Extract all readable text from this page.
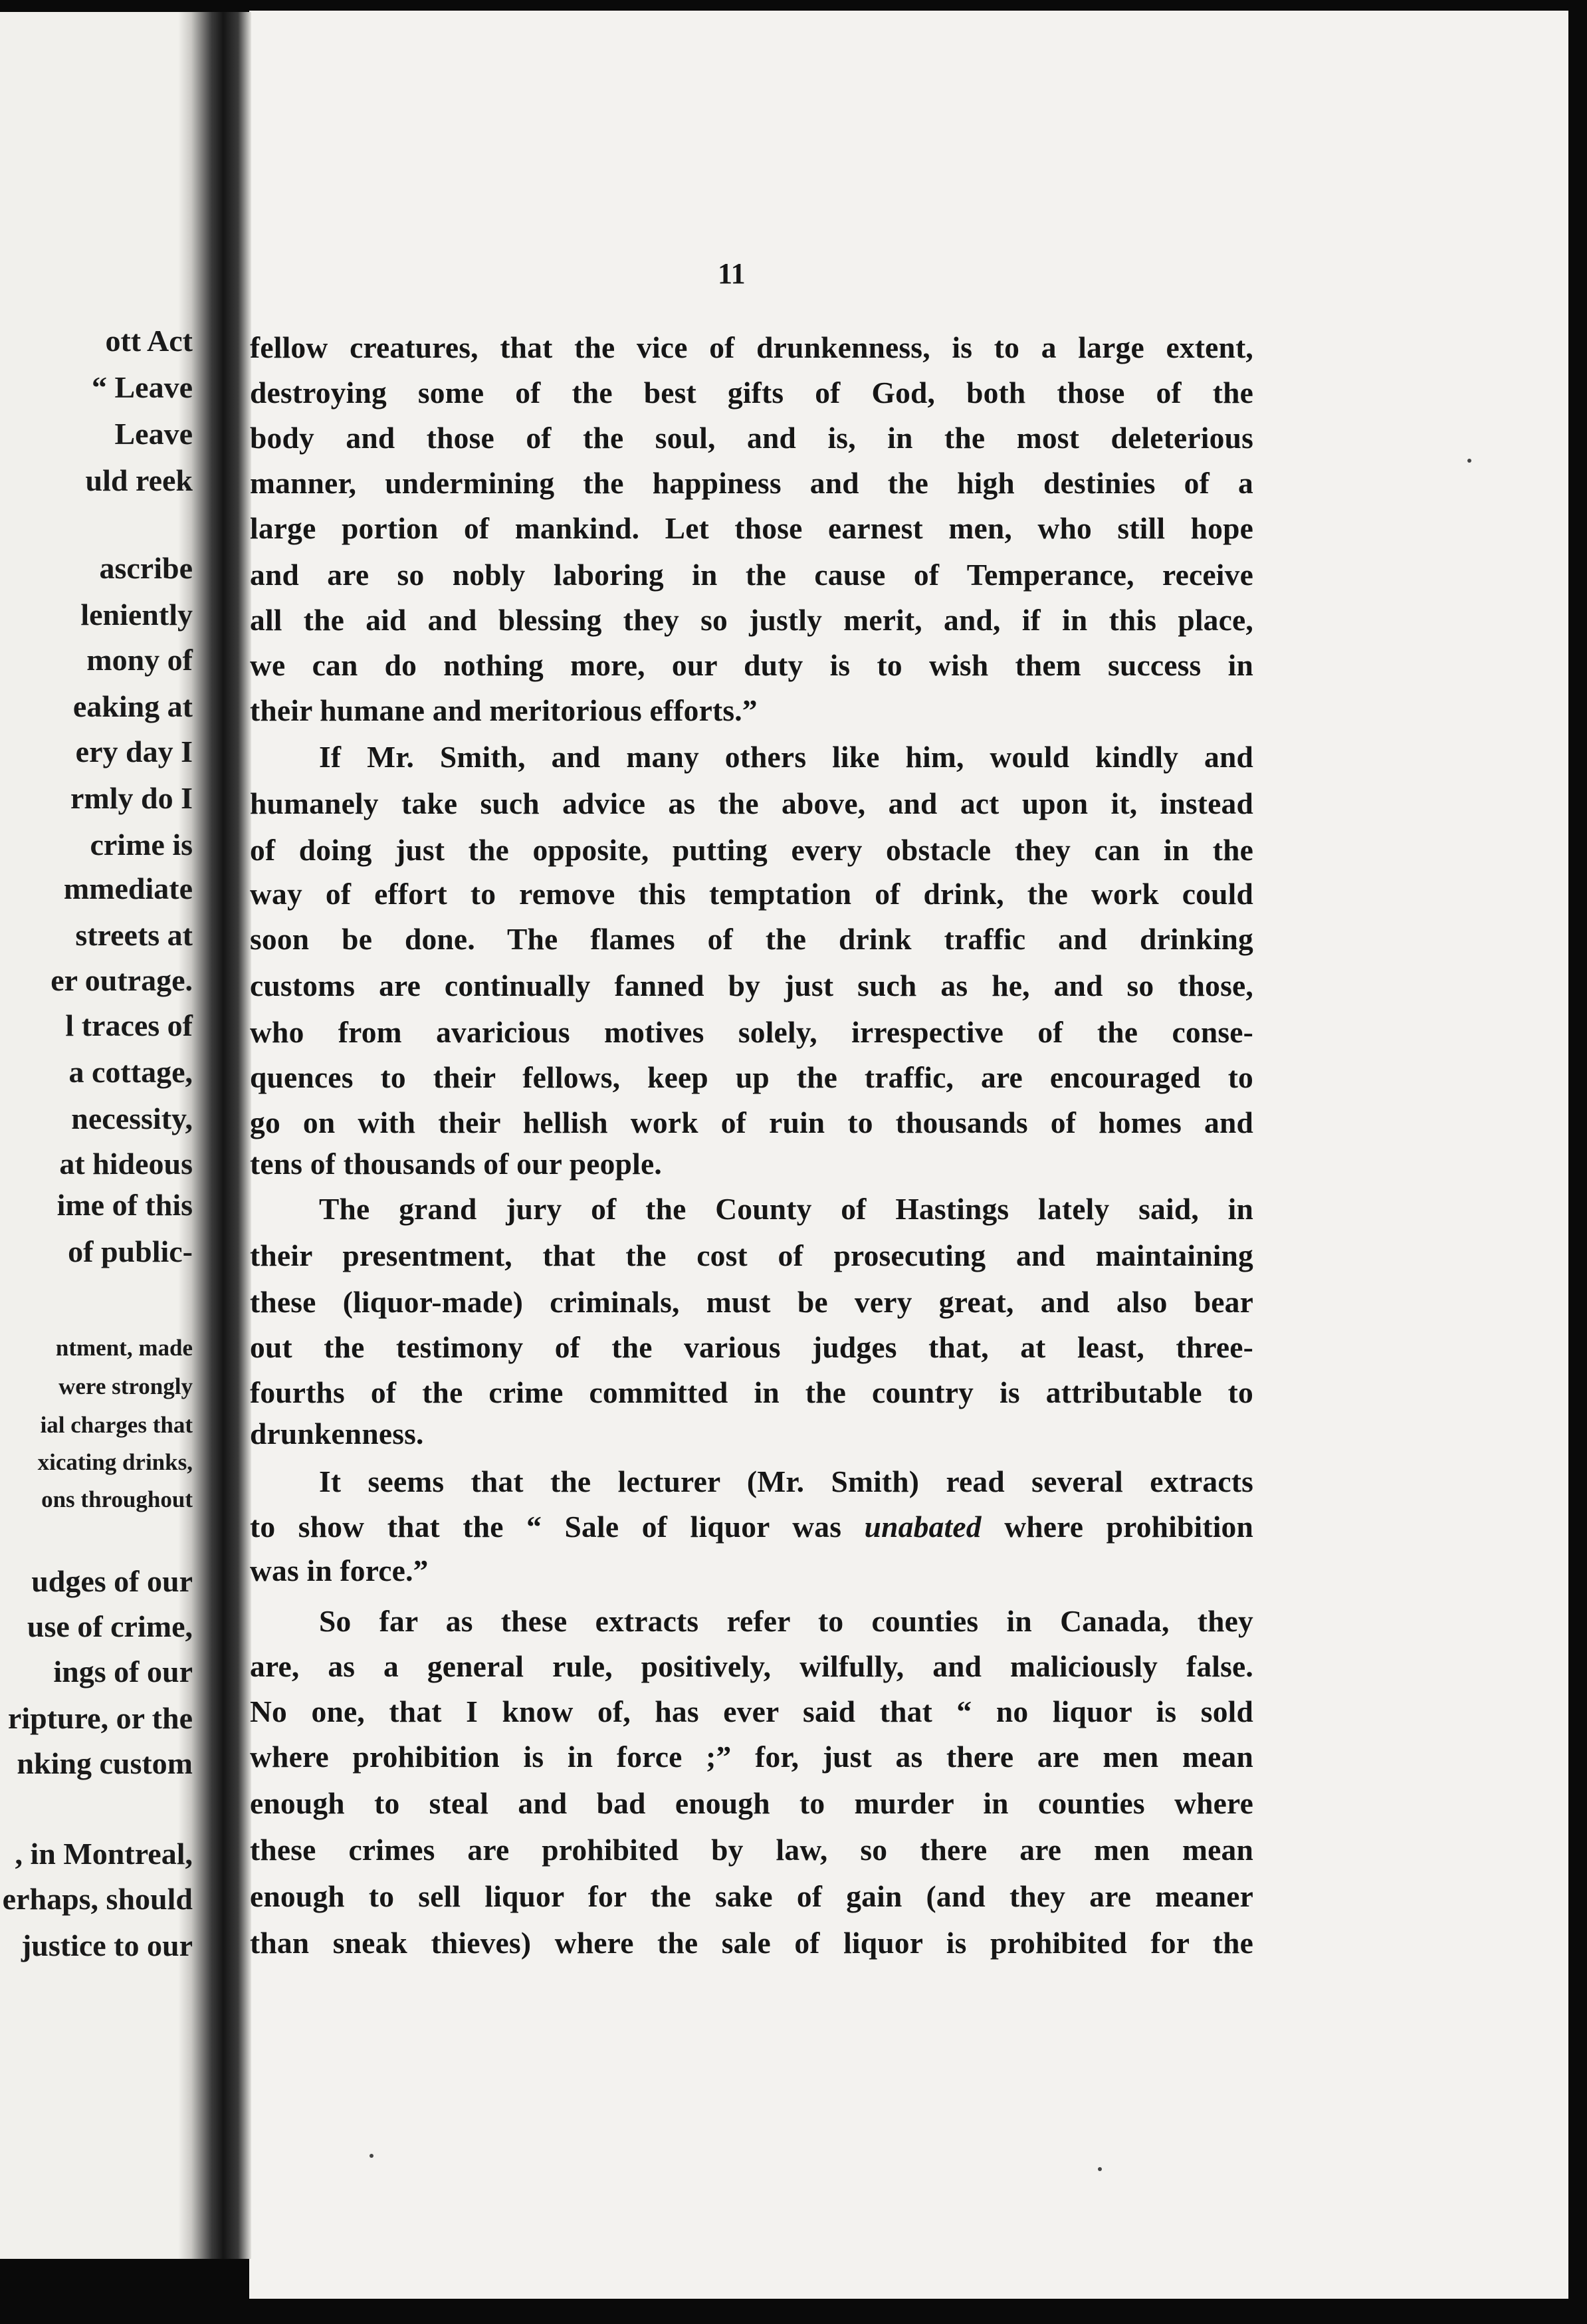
ott Act
“ Leave
Leave
uld reek
ascribe
leniently
mony of
eaking at
ery day I
rmly do I
crime is
mmediate
streets at
er outrage.
l traces of
a cottage,
necessity,
at hideous
ime of this
of public-
ntment, made
were strongly
ial charges that
xicating drinks,
ons throughout
udges of our
use of crime,
ings of our
ripture, or the
nking custom
, in Montreal,
erhaps, should
justice to our
11
fellow creatures, that the vice of drunkenness, is to a large extent,
destroying some of the best gifts of God, both those of the
body and those of the soul, and is, in the most deleterious
manner, undermining the happiness and the high destinies of a
large portion of mankind. Let those earnest men, who still hope
and are so nobly laboring in the cause of Temperance, receive
all the aid and blessing they so justly merit, and, if in this place,
we can do nothing more, our duty is to wish them success in
their humane and meritorious efforts.”
If Mr. Smith, and many others like him, would kindly and
humanely take such advice as the above, and act upon it, instead
of doing just the opposite, putting every obstacle they can in the
way of effort to remove this temptation of drink, the work could
soon be done. The flames of the drink traffic and drinking
customs are continually fanned by just such as he, and so those,
who from avaricious motives solely, irrespective of the conse-
quences to their fellows, keep up the traffic, are encouraged to
go on with their hellish work of ruin to thousands of homes and
tens of thousands of our people.
The grand jury of the County of Hastings lately said, in
their presentment, that the cost of prosecuting and maintaining
these (liquor-made) criminals, must be very great, and also bear
out the testimony of the various judges that, at least, three-
fourths of the crime committed in the country is attributable to
drunkenness.
It seems that the lecturer (Mr. Smith) read several extracts
to show that the “ Sale of liquor was unabated where prohibition
was in force.”
So far as these extracts refer to counties in Canada, they
are, as a general rule, positively, wilfully, and maliciously false.
No one, that I know of, has ever said that “ no liquor is sold
where prohibition is in force ;” for, just as there are men mean
enough to steal and bad enough to murder in counties where
these crimes are prohibited by law, so there are men mean
enough to sell liquor for the sake of gain (and they are meaner
than sneak thieves) where the sale of liquor is prohibited for the
